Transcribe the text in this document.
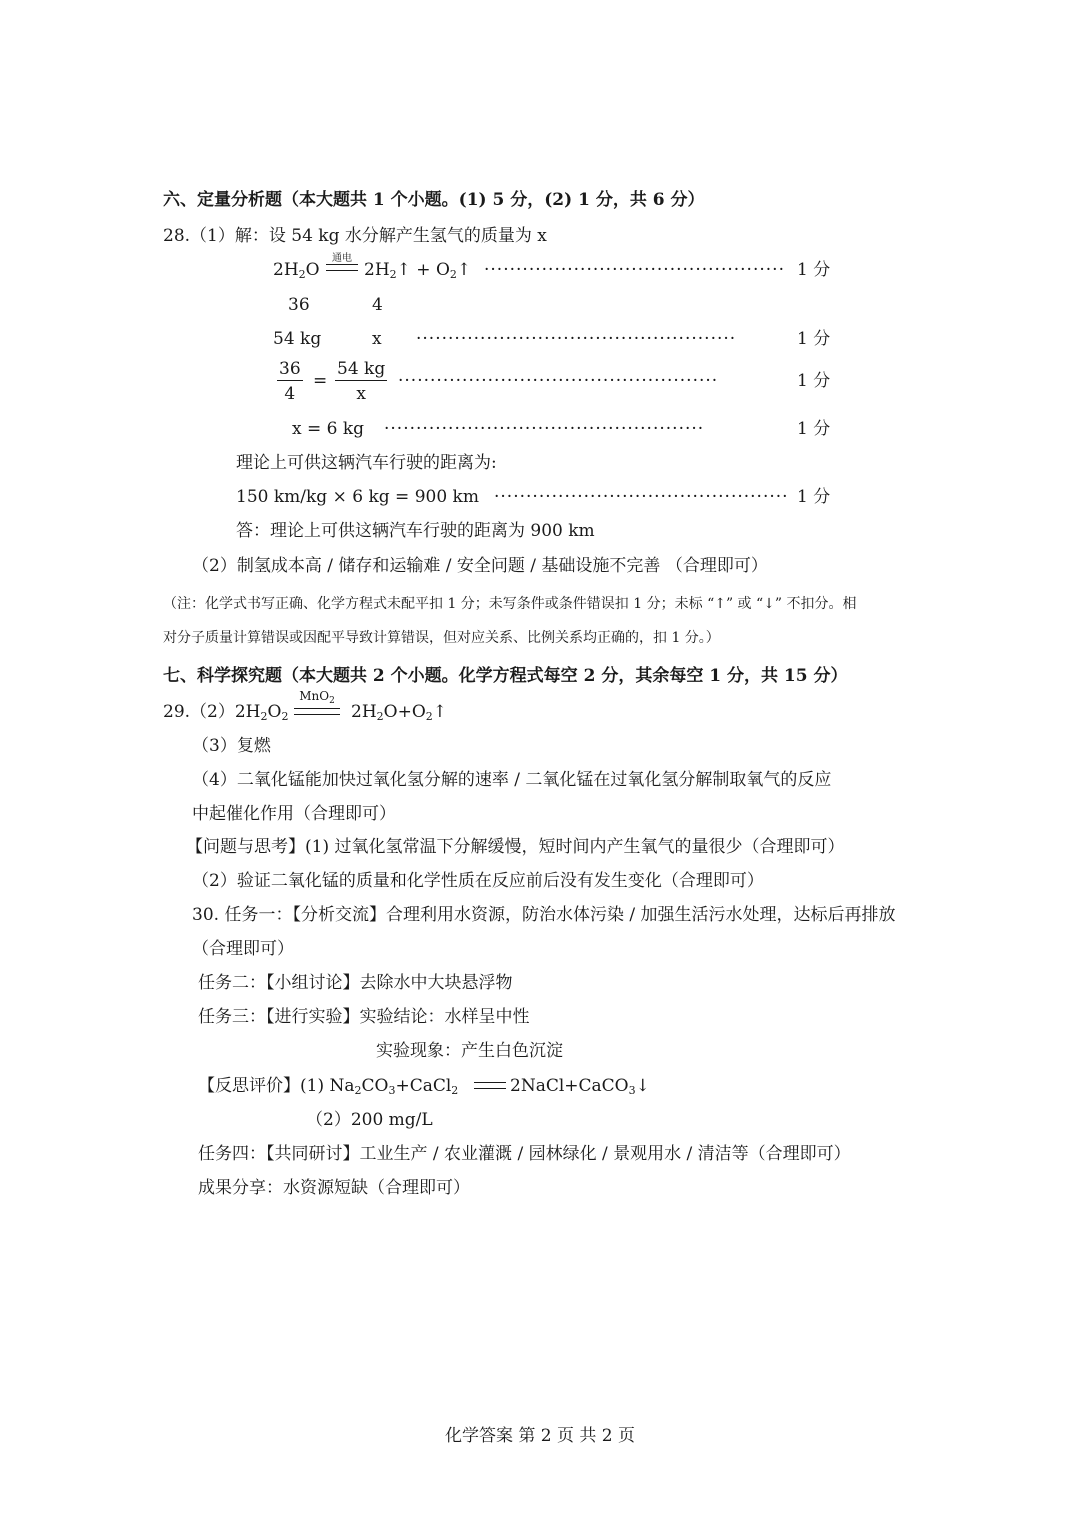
六、定量分析题（本大题共 1 个小题。(1) 5 分，(2) 1 分，共 6 分）
28.（1）解：设 54 kg 水分解产生氢气的质量为 x
$2H_2O$
通电
$2H_2↑$ + $O_2↑$ ··············································· 1 分
36	4
54 kg	x ··················································	1 分
$\frac{36}{4} = \frac{54 kg}{x}$ ··················································	1 分
x = 6 kg ··················································	1 分
理论上可供这辆汽车行驶的距离为:
150 km/kg × 6 kg = 900 km ·············································· 1 分
答：理论上可供这辆汽车行驶的距离为 900 km
（2）制氢成本高 / 储存和运输难 / 安全问题 / 基础设施不完善 （合理即可）
（注：化学式书写正确、化学方程式未配平扣 1 分；未写条件或条件错误扣 1 分；未标 “↑” 或 “↓” 不扣分。相
对分子质量计算错误或因配平导致计算错误，但对应关系、比例关系均正确的，扣 1 分。）
七、科学探究题（本大题共 2 个小题。化学方程式每空 2 分，其余每空 1 分，共 15 分）
$29.(2)2H_2O_2$
MnO$_2$
$2H_2O+O_2↑$
（3）复燃
（4）二氧化锰能加快过氧化氢分解的速率 / 二氧化锰在过氧化氢分解制取氧气的反应
中起催化作用（合理即可）
【问题与思考】(1) 过氧化氢常温下分解缓慢，短时间内产生氧气的量很少（合理即可）
（2）验证二氧化锰的质量和化学性质在反应前后没有发生变化（合理即可）
30. 任务一：【分析交流】合理利用水资源，防治水体污染 / 加强生活污水处理，达标后再排放
（合理即可）
任务二：【小组讨论】去除水中大块悬浮物
任务三：【进行实验】实验结论：水样呈中性
实验现象：产生白色沉淀
【反思评价】(1) $Na_2CO_3+CaCl_2$	2NaCl+CaCO$_3$↓
（2）200 mg/L
任务四：【共同研讨】工业生产 / 农业灌溉 / 园林绿化 / 景观用水 / 清洁等（合理即可）
成果分享：水资源短缺（合理即可）
化学答案 第 2 页 共 2 页
